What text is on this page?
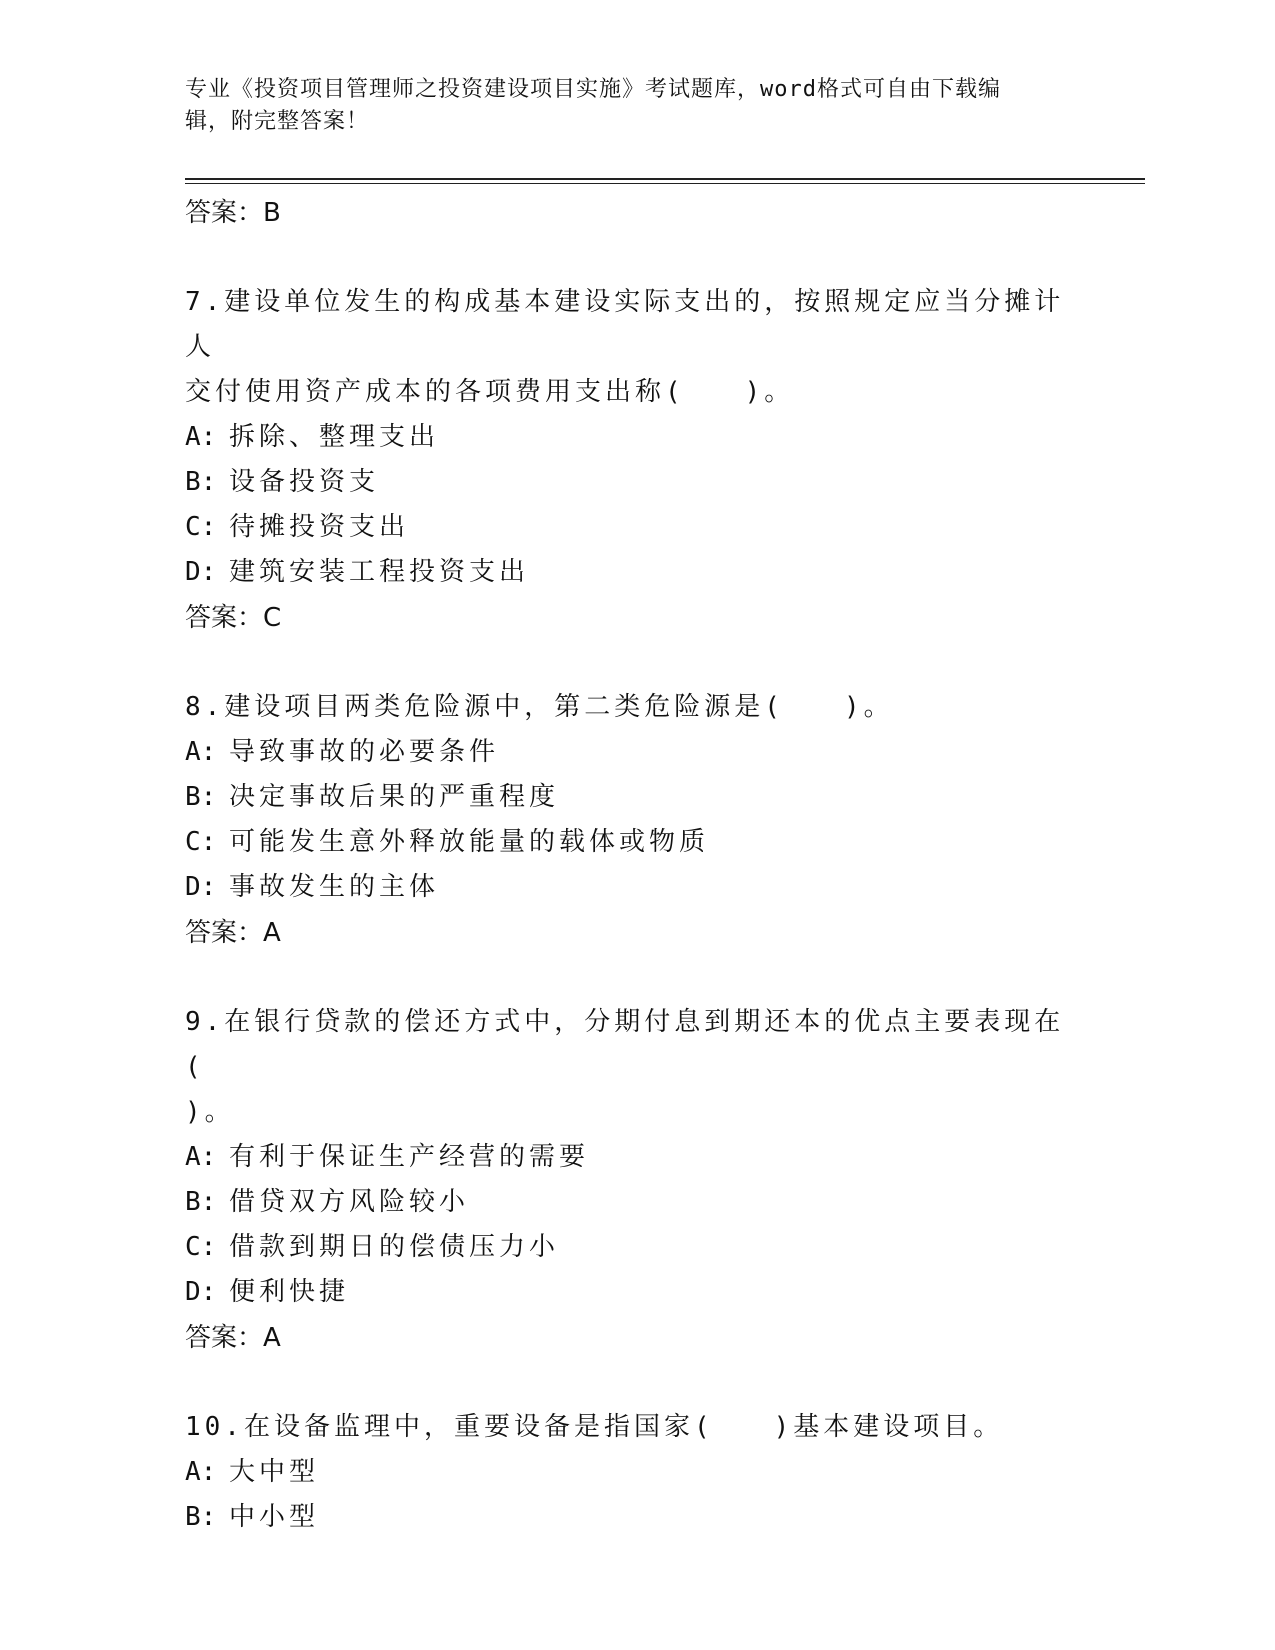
专业《投资项目管理师之投资建设项目实施》考试题库，word格式可自由下载编
辑，附完整答案！
答案：B
7.建设单位发生的构成基本建设实际支出的，按照规定应当分摊计人
交付使用资产成本的各项费用支出称(　　)。
A: 拆除、整理支出
B: 设备投资支
C: 待摊投资支出
D: 建筑安装工程投资支出
答案：C
8.建设项目两类危险源中，第二类危险源是(　　)。
A: 导致事故的必要条件
B: 决定事故后果的严重程度
C: 可能发生意外释放能量的载体或物质
D: 事故发生的主体
答案：A
9.在银行贷款的偿还方式中，分期付息到期还本的优点主要表现在(
)。
A: 有利于保证生产经营的需要
B: 借贷双方风险较小
C: 借款到期日的偿债压力小
D: 便利快捷
答案：A
10.在设备监理中，重要设备是指国家(　　)基本建设项目。
A: 大中型
B: 中小型
